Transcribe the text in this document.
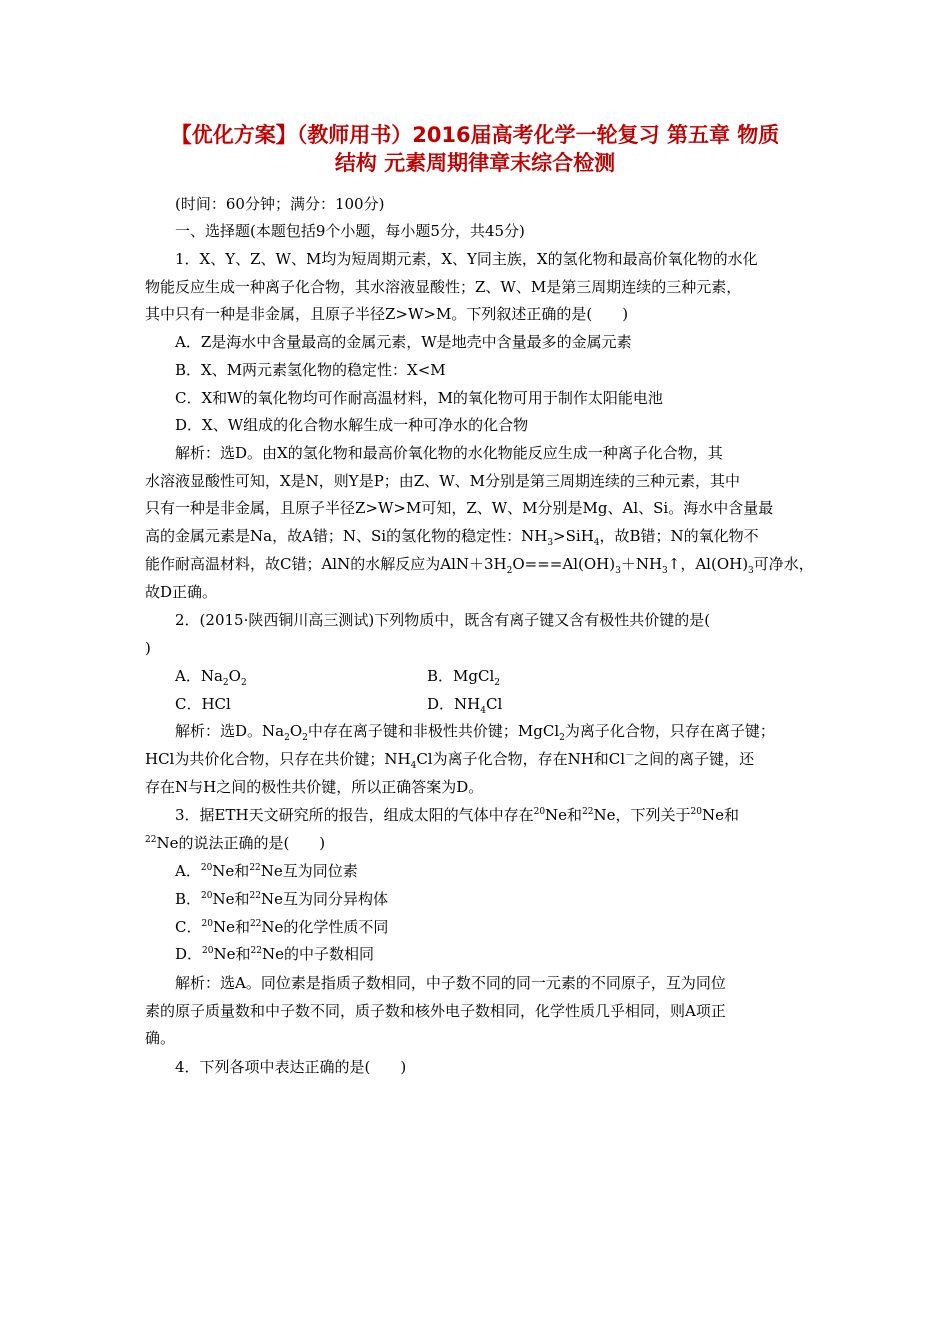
【优化方案】（教师用书）2016届高考化学一轮复习 第五章 物质
结构 元素周期律章末综合检测
(时间：60分钟；满分：100分)
一、选择题(本题包括9个小题，每小题5分，共45分)
1．X、Y、Z、W、M均为短周期元素，X、Y同主族，X的氢化物和最高价氧化物的水化
物能反应生成一种离子化合物，其水溶液显酸性；Z、W、M是第三周期连续的三种元素，
其中只有一种是非金属，且原子半径Z>W>M。下列叙述正确的是(　　)
A．Z是海水中含量最高的金属元素，W是地壳中含量最多的金属元素
B．X、M两元素氢化物的稳定性：X<M
C．X和W的氧化物均可作耐高温材料，M的氧化物可用于制作太阳能电池
D．X、W组成的化合物水解生成一种可净水的化合物
解析：选D。由X的氢化物和最高价氧化物的水化物能反应生成一种离子化合物，其
水溶液显酸性可知，X是N，则Y是P；由Z、W、M分别是第三周期连续的三种元素，其中
只有一种是非金属，且原子半径Z>W>M可知，Z、W、M分别是Mg、Al、Si。海水中含量最
高的金属元素是Na，故A错；N、Si的氢化物的稳定性：$NH_3>SiH_4$，故B错；N的氧化物不
能作耐高温材料，故C错；AlN的水解反应为$AlN+3H_2O===Al(OH)_3+NH_3↑$，$Al(OH)_3$可净水，
故D正确。
2．(2015·陕西铜川高三测试)下列物质中，既含有离子键又含有极性共价键的是(
)
A．$Na_2O_2$	B．MgCl$_2$
C．HCl	D．$NH_4Cl$
解析：选D。$Na_2O_2$中存在离子键和非极性共价键；MgCl$_2$为离子化合物，只存在离子键；
HCl为共价化合物，只存在共价键；$NH_4Cl$为离子化合物，存在NH和Cl－之间的离子键，还
存在N与H之间的极性共价键，所以正确答案为D。
3．据ETH天文研究所的报告，组成太阳的气体中存在$^{20}$Ne和$^{22}$Ne，下列关于$^{20}$Ne和
$^{22}$Ne的说法正确的是(　　)
A．$^{20}$Ne和$^{22}$Ne互为同位素
B．$^{20}$Ne和$^{22}$Ne互为同分异构体
C．$^{20}$Ne和$^{22}$Ne的化学性质不同
D．$^{20}$Ne和$^{22}$Ne的中子数相同
解析：选A。同位素是指质子数相同，中子数不同的同一元素的不同原子，互为同位
素的原子质量数和中子数不同，质子数和核外电子数相同，化学性质几乎相同，则A项正
确。
4．下列各项中表达正确的是(　　)
